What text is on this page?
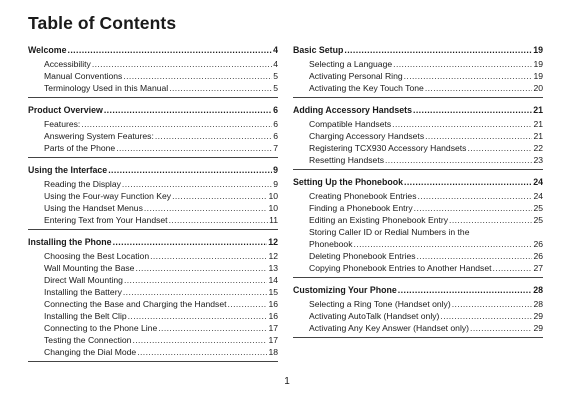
Table of Contents
Welcome .....	4
Accessibility .....	4
Manual Conventions .....	5
Terminology Used in this Manual .....	5
Product Overview .....	6
Features: .....	6
Answering System Features: .....	6
Parts of the Phone .....	7
Using the Interface .....	9
Reading the Display .....	9
Using the Four-way Function Key .....	10
Using the Handset Menus .....	10
Entering Text from Your Handset .....	11
Installing the Phone .....	12
Choosing the Best Location .....	12
Wall Mounting the Base .....	13
Direct Wall Mounting .....	14
Installing the Battery .....	15
Connecting the Base and Charging the Handset .....	16
Installing the Belt Clip .....	16
Connecting to the Phone Line .....	17
Testing the Connection .....	17
Changing the Dial Mode .....	18
Basic Setup .....	19
Selecting a Language .....	19
Activating Personal Ring .....	19
Activating the Key Touch Tone .....	20
Adding Accessory Handsets .....	21
Compatible Handsets .....	21
Charging Accessory Handsets .....	21
Registering TCX930 Accessory Handsets .....	22
Resetting Handsets .....	23
Setting Up the Phonebook .....	24
Creating Phonebook Entries .....	24
Finding a Phonebook Entry .....	25
Editing an Existing Phonebook Entry .....	25
Storing Caller ID or Redial Numbers in the
Phonebook .....	26
Deleting Phonebook Entries .....	26
Copying Phonebook Entries to Another Handset .....	27
Customizing Your Phone .....	28
Selecting a Ring Tone (Handset only) .....	28
Activating AutoTalk (Handset only) .....	29
Activating Any Key Answer (Handset only) .....	29
1
